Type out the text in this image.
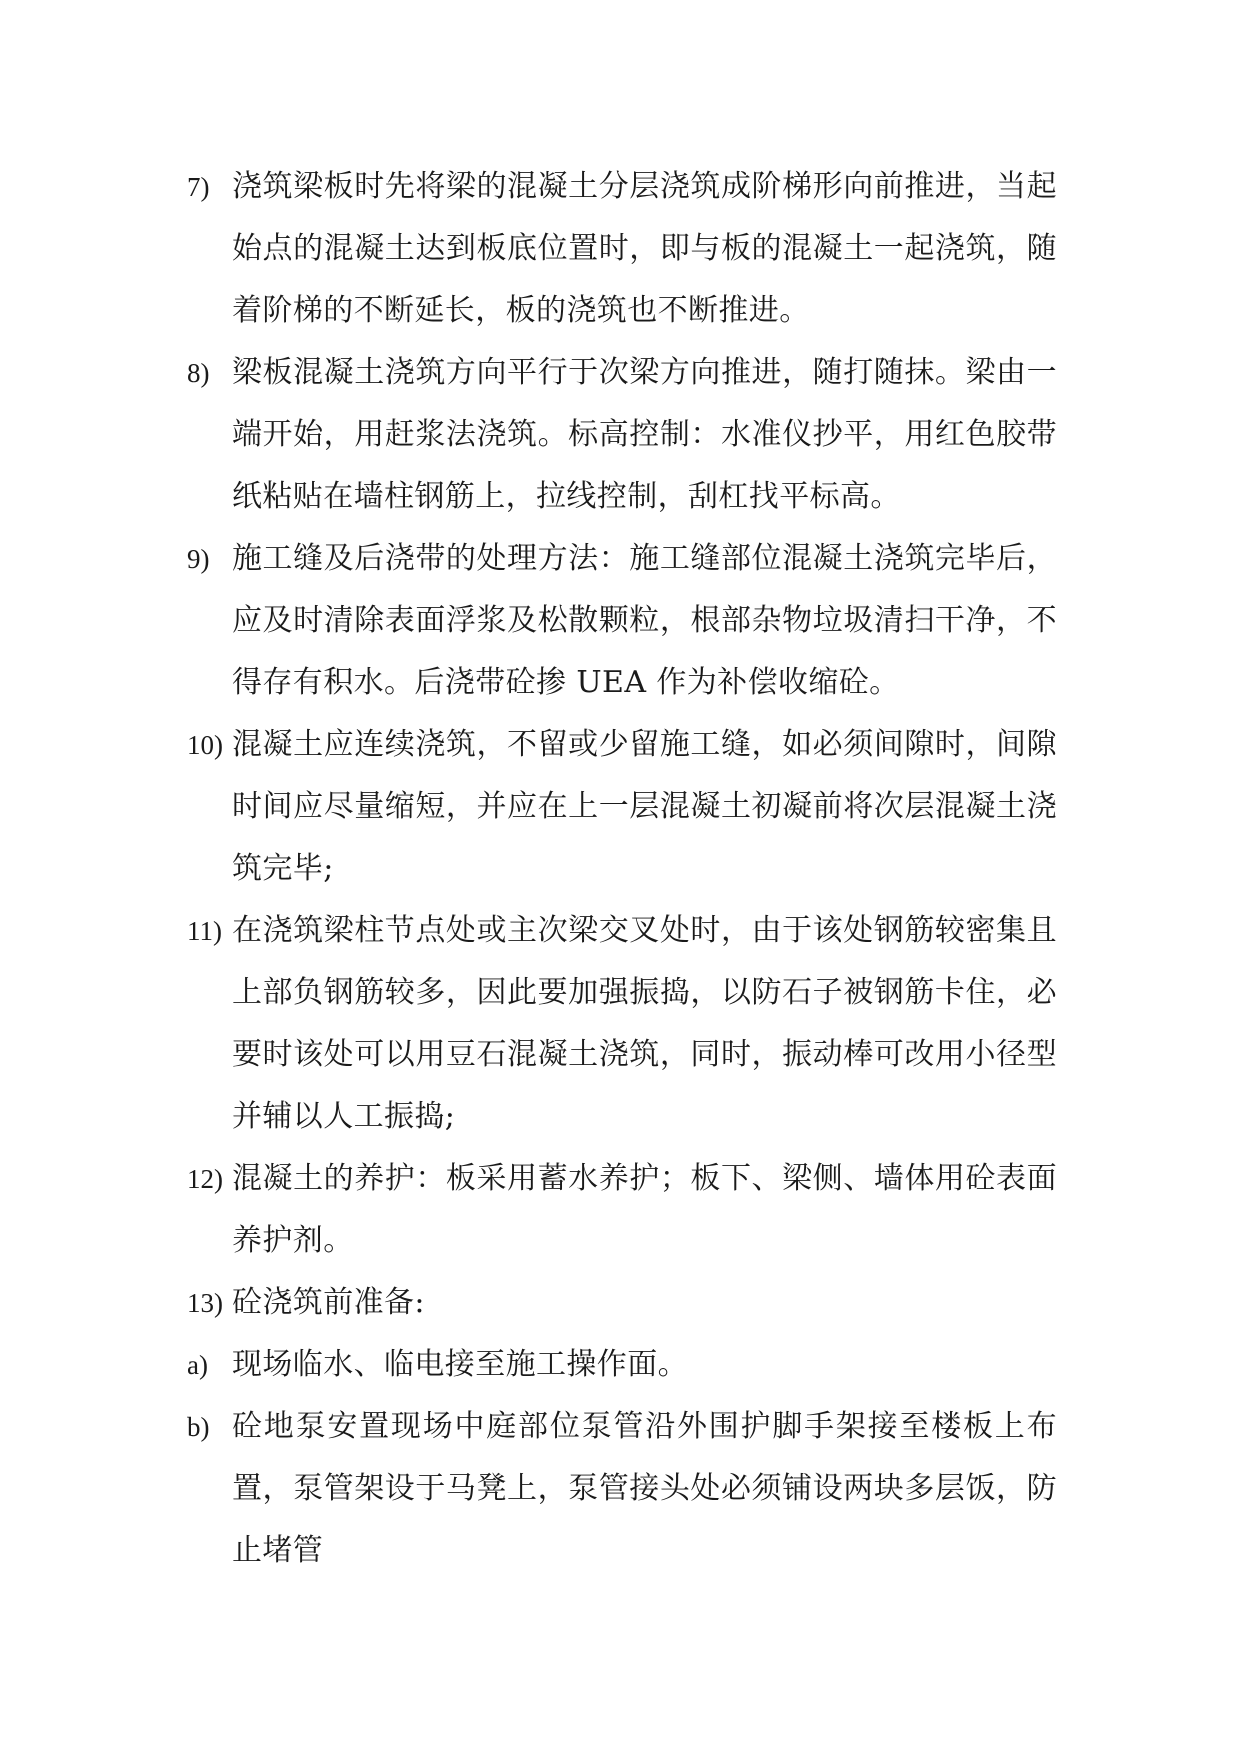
7) 浇筑梁板时先将梁的混凝土分层浇筑成阶梯形向前推进，当起始点的混凝土达到板底位置时，即与板的混凝土一起浇筑，随着阶梯的不断延长，板的浇筑也不断推进。
8) 梁板混凝土浇筑方向平行于次梁方向推进，随打随抹。梁由一端开始，用赶浆法浇筑。标高控制：水准仪抄平，用红色胶带纸粘贴在墙柱钢筋上，拉线控制，刮杠找平标高。
9) 施工缝及后浇带的处理方法：施工缝部位混凝土浇筑完毕后，应及时清除表面浮浆及松散颗粒，根部杂物垃圾清扫干净，不得存有积水。后浇带砼掺 UEA 作为补偿收缩砼。
10) 混凝土应连续浇筑，不留或少留施工缝，如必须间隙时，间隙时间应尽量缩短，并应在上一层混凝土初凝前将次层混凝土浇筑完毕;
11) 在浇筑梁柱节点处或主次梁交叉处时，由于该处钢筋较密集且上部负钢筋较多，因此要加强振捣，以防石子被钢筋卡住，必要时该处可以用豆石混凝土浇筑，同时，振动棒可改用小径型并辅以人工振捣;
12) 混凝土的养护：板采用蓄水养护；板下、梁侧、墙体用砼表面养护剂。
13) 砼浇筑前准备:
a) 现场临水、临电接至施工操作面。
b) 砼地泵安置现场中庭部位泵管沿外围护脚手架接至楼板上布置，泵管架设于马凳上，泵管接头处必须铺设两块多层饭，防止堵管
